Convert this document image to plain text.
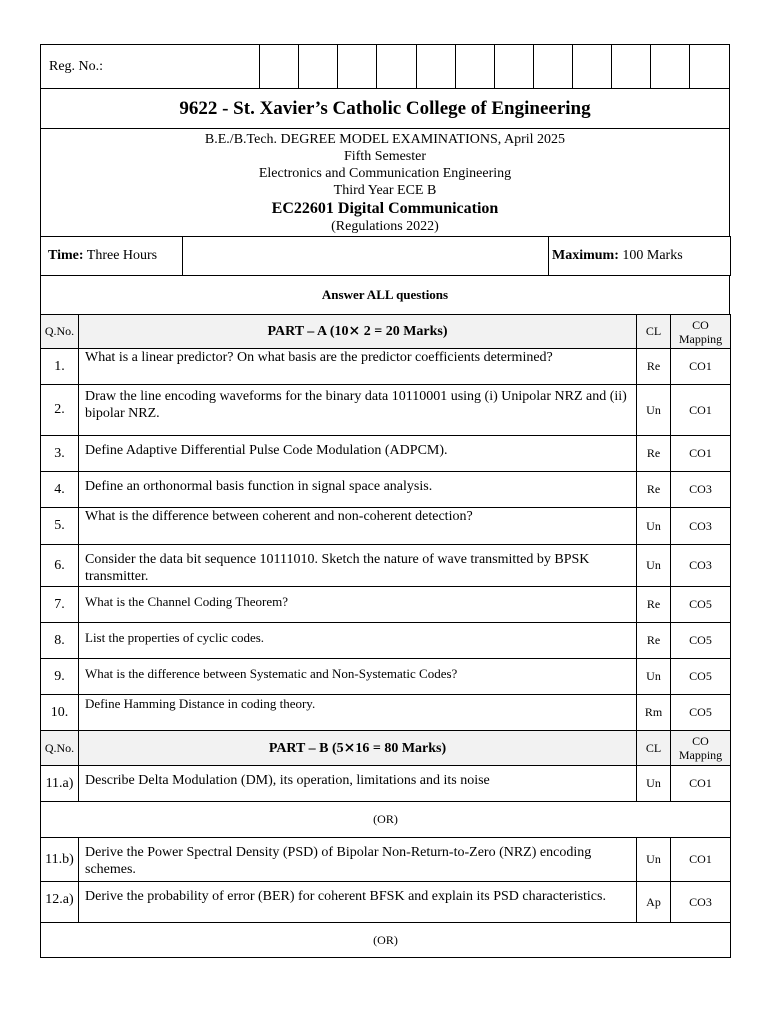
Reg. No.:												
9622 - St. Xavier’s Catholic College of Engineering

B.E./B.Tech. DEGREE MODEL EXAMINATIONS, April 2025
Fifth Semester
Electronics and Communication Engineering
Third Year ECE B
EC22601 Digital Communication
(Regulations 2022)
Time: Three Hours		Maximum: 100 Marks
Answer ALL questions
Q.No.	PART – A (10⨯ 2 = 20 Marks)	CL	CO
Mapping
1.	What is a linear predictor? On what basis are the predictor coefficients determined?	Re	CO1
2.	Draw the line encoding waveforms for the binary data 10110001 using (i) Unipolar NRZ and (ii) bipolar NRZ.	Un	CO1
3.	Define Adaptive Differential Pulse Code Modulation (ADPCM).	Re	CO1
4.	Define an orthonormal basis function in signal space analysis.	Re	CO3
5.	What is the difference between coherent and non-coherent detection?	Un	CO3
6.	Consider the data bit sequence 10111010. Sketch the nature of wave transmitted by BPSK transmitter.	Un	CO3
7.	What is the Channel Coding Theorem?	Re	CO5
8.	List the properties of cyclic codes.	Re	CO5
9.	What is the difference between Systematic and Non-Systematic Codes?	Un	CO5
10.	Define Hamming Distance in coding theory.	Rm	CO5
Q.No.	PART – B (5⨯16 = 80 Marks)	CL	CO
Mapping
11.a)	Describe Delta Modulation (DM), its operation, limitations and its noise	Un	CO1
(OR)			
11.b)	Derive the Power Spectral Density (PSD) of Bipolar Non-Return-to-Zero (NRZ) encoding schemes.	Un	CO1
12.a)	Derive the probability of error (BER) for coherent BFSK and explain its PSD characteristics.	Ap	CO3
(OR)			
